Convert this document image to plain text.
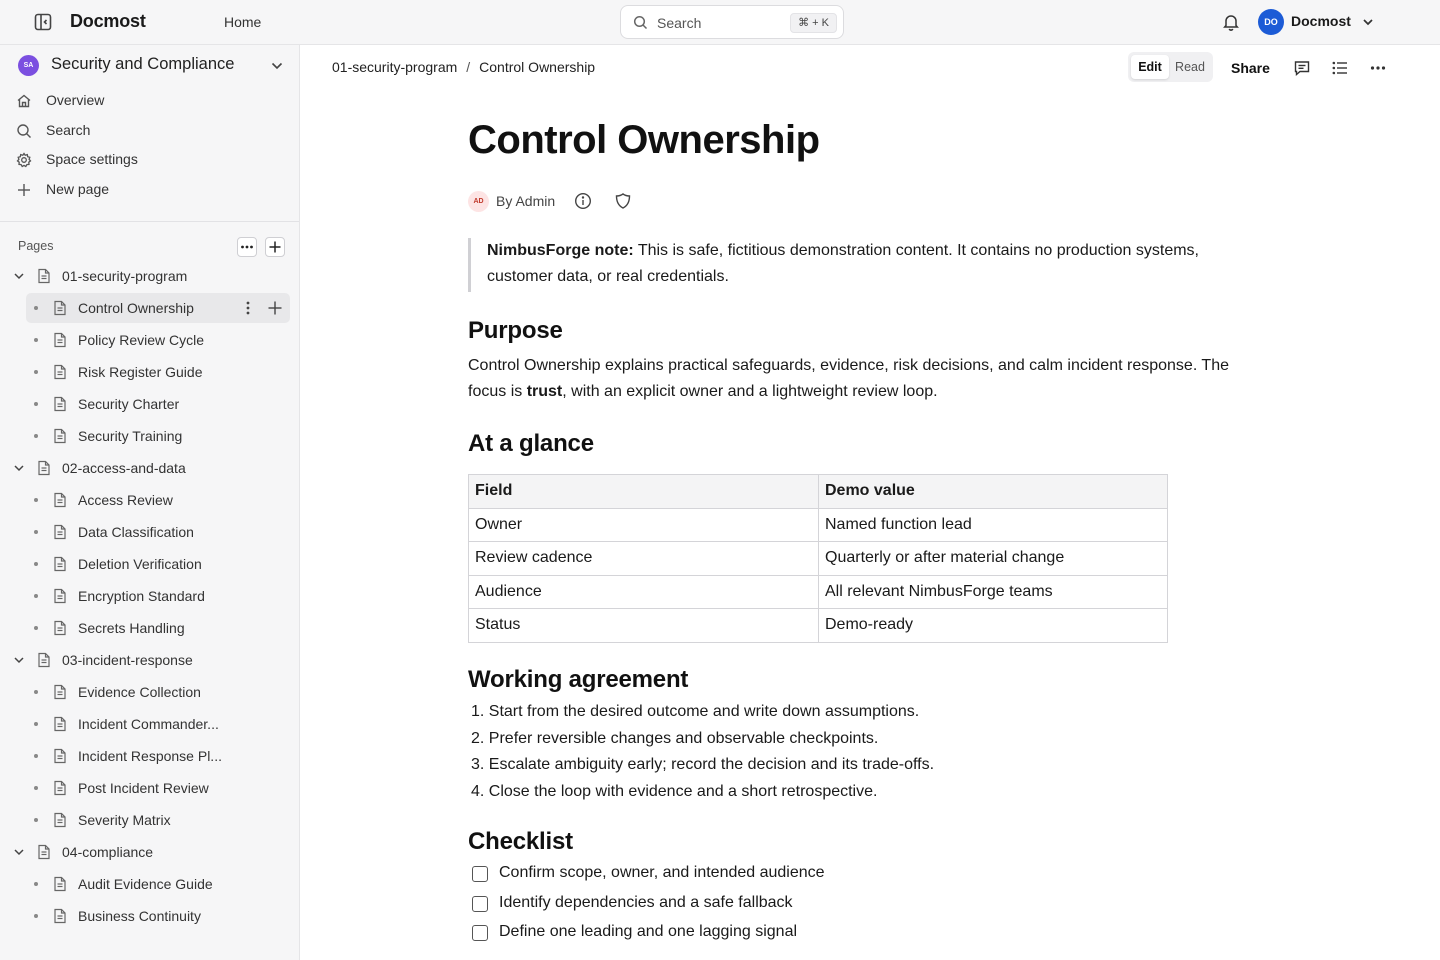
Docmost	Home	Search	⌘ + K	DO Docmost
SA	Security and Compliance
Overview
Search
Space settings
New page
Pages
01-security-program
Control Ownership
Policy Review Cycle
Risk Register Guide
Security Charter
Security Training
02-access-and-data
Access Review
Data Classification
Deletion Verification
Encryption Standard
Secrets Handling
03-incident-response
Evidence Collection
Incident Commander...
Incident Response Pl...
Post Incident Review
Severity Matrix
04-compliance
Audit Evidence Guide
Business Continuity
01-security-program / Control Ownership	Edit	Read Share
Control Ownership
AD By Admin
NimbusForge note: This is safe, fictitious demonstration content. It contains no production systems, customer data, or real credentials.
Purpose

Control Ownership explains practical safeguards, evidence, risk decisions, and calm incident response. The focus is trust, with an explicit owner and a lightweight review loop.

At a glance
Field	Demo value
Owner	Named function lead
Review cadence	Quarterly or after material change
Audience	All relevant NimbusForge teams
Status	Demo-ready
Working agreement
1. Start from the desired outcome and write down assumptions.
2. Prefer reversible changes and observable checkpoints.
3. Escalate ambiguity early; record the decision and its trade-offs.
4. Close the loop with evidence and a short retrospective.
Checklist
Confirm scope, owner, and intended audience
Identify dependencies and a safe fallback
Define one leading and one lagging signal
